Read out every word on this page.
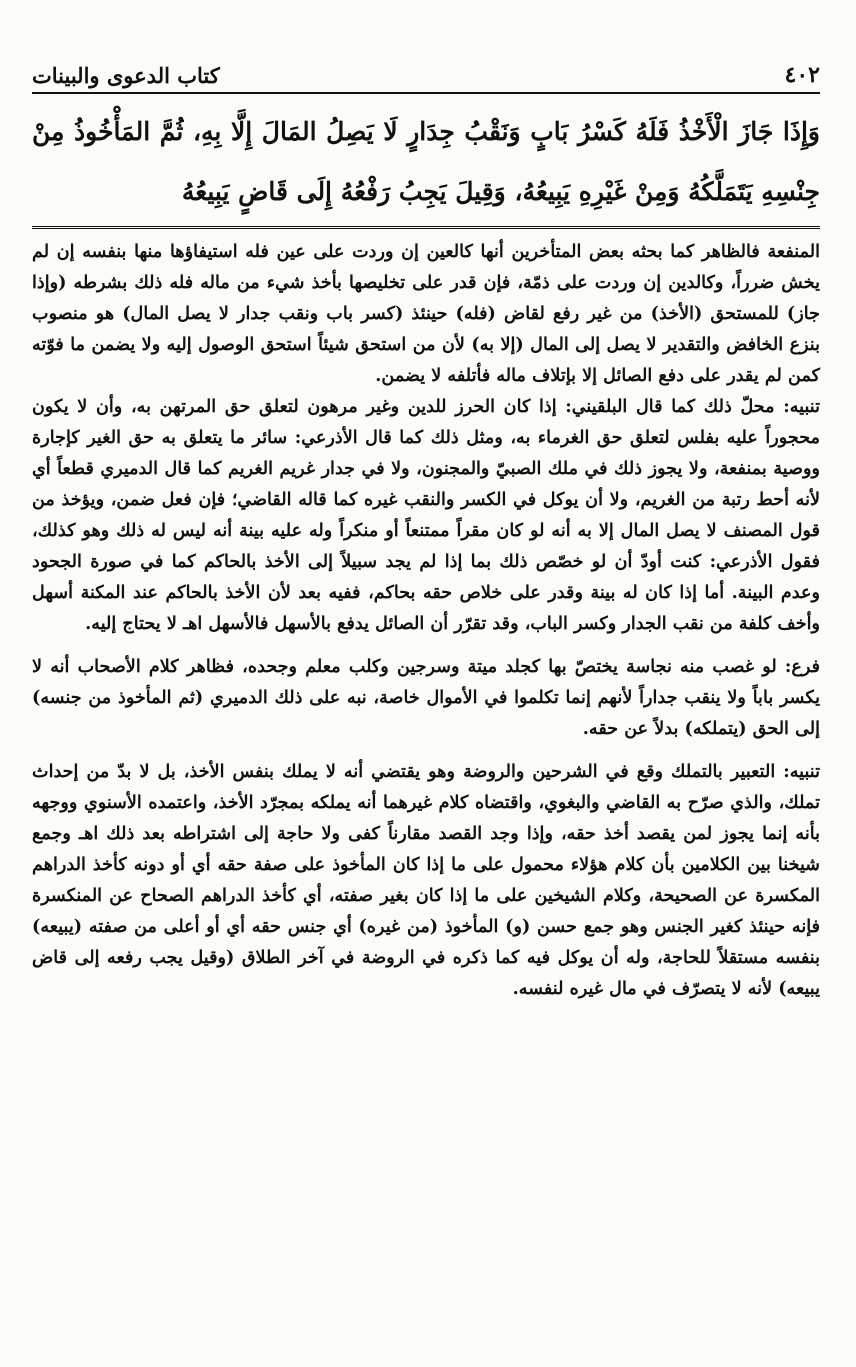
٤٠٢
كتاب الدعوى والبينات

وَإِذَا جَازَ الْأَخْذُ فَلَهُ كَسْرُ بَابٍ وَنَقْبُ جِدَارٍ لَا يَصِلُ المَالَ إِلَّا بِهِ، ثُمَّ المَأْخُوذُ مِنْ جِنْسِهِ يَتَمَلَّكُهُ وَمِنْ غَيْرِهِ يَبِيعُهُ، وَقِيلَ يَجِبُ رَفْعُهُ إِلَى قَاضٍ يَبِيعُهُ

المنفعة فالظاهر كما بحثه بعض المتأخرين أنها كالعين إن وردت على عين فله استيفاؤها منها بنفسه إن لم يخش ضرراً، وكالدين إن وردت على ذمّة، فإن قدر على تخليصها بأخذ شيء من ماله فله ذلك بشرطه (وإذا جاز) للمستحق (الأخذ) من غير رفع لقاض (فله) حينئذ (كسر باب ونقب جدار لا يصل المال) هو منصوب بنزع الخافض والتقدير لا يصل إلى المال (إلا به) لأن من استحق شيئاً استحق الوصول إليه ولا يضمن ما فوّته كمن لم يقدر على دفع الصائل إلا بإتلاف ماله فأتلفه لا يضمن.

تنبيه: محلّ ذلك كما قال البلقيني: إذا كان الحرز للدين وغير مرهون لتعلق حق المرتهن به، وأن لا يكون محجوراً عليه بفلس لتعلق حق الغرماء به، ومثل ذلك كما قال الأذرعي: سائر ما يتعلق به حق الغير كإجارة ووصية بمنفعة، ولا يجوز ذلك في ملك الصبيّ والمجنون، ولا في جدار غريم الغريم كما قال الدميري قطعاً أي لأنه أحط رتبة من الغريم، ولا أن يوكل في الكسر والنقب غيره كما قاله القاضي؛ فإن فعل ضمن، ويؤخذ من قول المصنف لا يصل المال إلا به أنه لو كان مقراً ممتنعاً أو منكراً وله عليه بينة أنه ليس له ذلك وهو كذلك، فقول الأذرعي: كنت أودّ أن لو خصّص ذلك بما إذا لم يجد سبيلاً إلى الأخذ بالحاكم كما في صورة الجحود وعدم البينة. أما إذا كان له بينة وقدر على خلاص حقه بحاكم، ففيه بعد لأن الأخذ بالحاكم عند المكنة أسهل وأخف كلفة من نقب الجدار وكسر الباب، وقد تقرّر أن الصائل يدفع بالأسهل فالأسهل اهـ لا يحتاج إليه.

فرع: لو غصب منه نجاسة يختصّ بها كجلد ميتة وسرجين وكلب معلم وجحده، فظاهر كلام الأصحاب أنه لا يكسر باباً ولا ينقب جداراً لأنهم إنما تكلموا في الأموال خاصة، نبه على ذلك الدميري (ثم المأخوذ من جنسه) إلى الحق (يتملكه) بدلاً عن حقه.

تنبيه: التعبير بالتملك وقع في الشرحين والروضة وهو يقتضي أنه لا يملك بنفس الأخذ، بل لا بدّ من إحداث تملك، والذي صرّح به القاضي والبغوي، واقتضاه كلام غيرهما أنه يملكه بمجرّد الأخذ، واعتمده الأسنوي ووجهه بأنه إنما يجوز لمن يقصد أخذ حقه، وإذا وجد القصد مقارناً كفى ولا حاجة إلى اشتراطه بعد ذلك اهـ وجمع شيخنا بين الكلامين بأن كلام هؤلاء محمول على ما إذا كان المأخوذ على صفة حقه أي أو دونه كأخذ الدراهم المكسرة عن الصحيحة، وكلام الشيخين على ما إذا كان بغير صفته، أي كأخذ الدراهم الصحاح عن المنكسرة فإنه حينئذ كغير الجنس وهو جمع حسن (و) المأخوذ (من غيره) أي جنس حقه أي أو أعلى من صفته (يبيعه) بنفسه مستقلاً للحاجة، وله أن يوكل فيه كما ذكره في الروضة في آخر الطلاق (وقيل يجب رفعه إلى قاض يبيعه) لأنه لا يتصرّف في مال غيره لنفسه.
